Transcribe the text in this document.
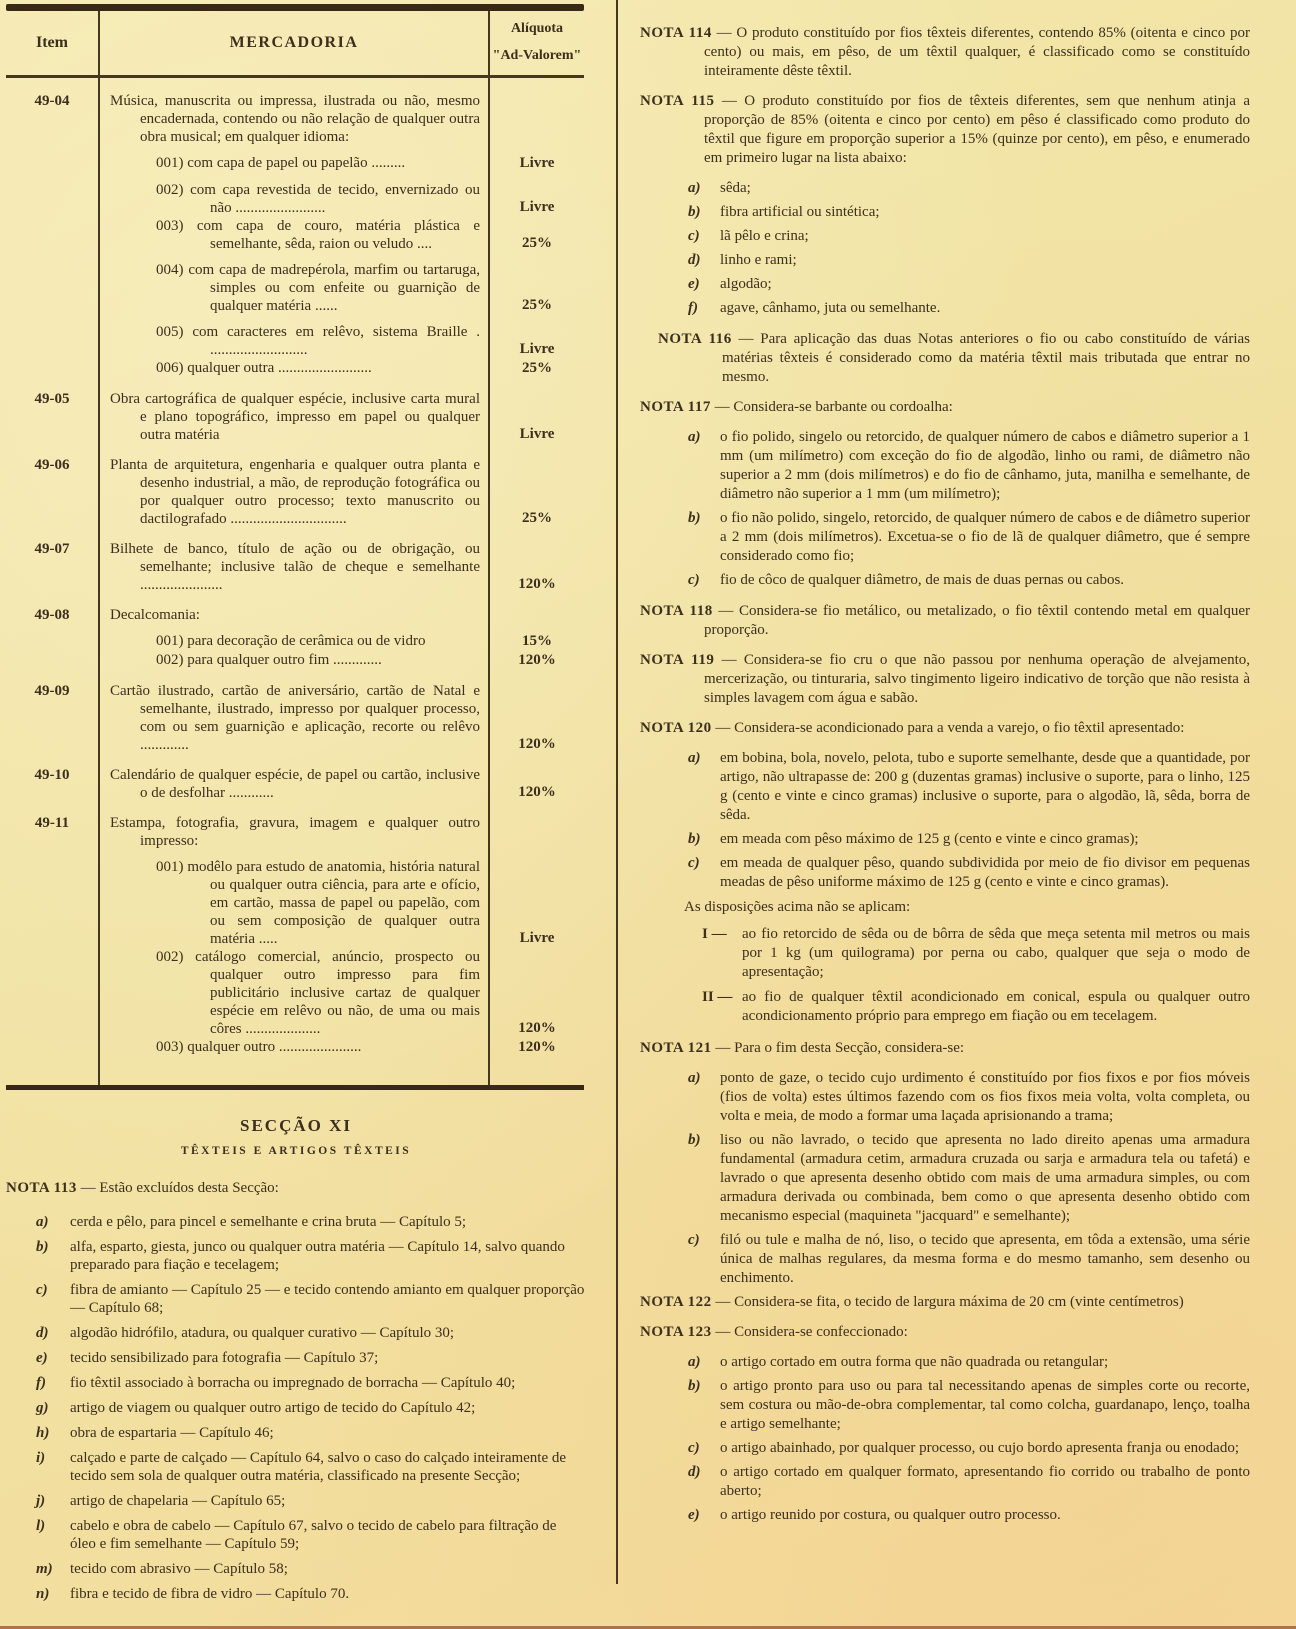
Item	MERCADORIA
Alíquota
"Ad-Valorem"
49-04	Música, manuscrita ou impressa, ilustrada ou não, mesmo encadernada, contendo ou não relação de qualquer outra obra musical; em qualquer idioma:
001) com capa de papel ou papelão .........	Livre
002) com capa revestida de tecido, envernizado ou não ........................	Livre
003) com capa de couro, matéria plástica e semelhante, sêda, raion ou veludo ....	25%
004) com capa de madrepérola, marfim ou tartaruga, simples ou com enfeite ou guarnição de qualquer matéria ......	25%
005) com caracteres em relêvo, sistema Braille . ..........................	Livre
006) qualquer outra .........................	25%
49-05	Obra cartográfica de qualquer espécie, inclusive carta mural e plano topográfico, impresso em papel ou qualquer outra matéria	Livre
49-06	Planta de arquitetura, engenharia e qualquer outra planta e desenho industrial, a mão, de reprodução fotográfica ou por qualquer outro processo; texto manuscrito ou dactilografado ...............................	25%
49-07	Bilhete de banco, título de ação ou de obrigação, ou semelhante; inclusive talão de cheque e semelhante ......................	120%
49-08	Decalcomania:
001) para decoração de cerâmica ou de vidro	15%
002) para qualquer outro fim .............	120%
49-09	Cartão ilustrado, cartão de aniversário, cartão de Natal e semelhante, ilustrado, impresso por qualquer processo, com ou sem guarnição e aplicação, recorte ou relêvo .............	120%
49-10	Calendário de qualquer espécie, de papel ou cartão, inclusive o de desfolhar ............	120%
49-11	Estampa, fotografia, gravura, imagem e qualquer outro impresso:
001) modêlo para estudo de anatomia, história natural ou qualquer outra ciência, para arte e ofício, em cartão, massa de papel ou papelão, com ou sem composição de qualquer outra matéria .....	Livre
002) catálogo comercial, anúncio, prospecto ou qualquer outro impresso para fim publicitário inclusive cartaz de qualquer espécie em relêvo ou não, de uma ou mais côres ....................	120%
003) qualquer outro ......................	120%
SECÇÃO XI
TÊXTEIS E ARTIGOS TÊXTEIS

NOTA 113 — Estão excluídos desta Secção:

a)	cerda e pêlo, para pincel e semelhante e crina bruta — Capítulo 5;
b)	alfa, esparto, giesta, junco ou qualquer outra matéria — Capítulo 14, salvo quando preparado para fiação e tecelagem;
c)	fibra de amianto — Capítulo 25 — e tecido contendo amianto em qualquer proporção — Capítulo 68;
d)	algodão hidrófilo, atadura, ou qualquer curativo — Capítulo 30;
e)	tecido sensibilizado para fotografia — Capítulo 37;
f)	fio têxtil associado à borracha ou impregnado de borracha — Capítulo 40;
g)	artigo de viagem ou qualquer outro artigo de tecido do Capítulo 42;
h)	obra de espartaria — Capítulo 46;
i)	calçado e parte de calçado — Capítulo 64, salvo o caso do calçado inteiramente de tecido sem sola de qualquer outra matéria, classificado na presente Secção;
j)	artigo de chapelaria — Capítulo 65;
l)	cabelo e obra de cabelo — Capítulo 67, salvo o tecido de cabelo para filtração de óleo e fim semelhante — Capítulo 59;
m)	tecido com abrasivo — Capítulo 58;
n)	fibra e tecido de fibra de vidro — Capítulo 70.

NOTA 114 — O produto constituído por fios têxteis diferentes, contendo 85% (oitenta e cinco por cento) ou mais, em pêso, de um têxtil qualquer, é classificado como se constituído inteiramente dêste têxtil.

NOTA 115 — O produto constituído por fios de têxteis diferentes, sem que nenhum atinja a proporção de 85% (oitenta e cinco por cento) em pêso é classificado como produto do têxtil que figure em proporção superior a 15% (quinze por cento), em pêso, e enumerado em primeiro lugar na lista abaixo:

a)	sêda;
b)	fibra artificial ou sintética;
c)	lã pêlo e crina;
d)	linho e rami;
e)	algodão;
f)	agave, cânhamo, juta ou semelhante.

NOTA 116 — Para aplicação das duas Notas anteriores o fio ou cabo constituído de várias matérias têxteis é considerado como da matéria têxtil mais tributada que entrar no mesmo.

NOTA 117 — Considera-se barbante ou cordoalha:

a)	o fio polido, singelo ou retorcido, de qualquer número de cabos e diâmetro superior a 1 mm (um milímetro) com exceção do fio de algodão, linho ou rami, de diâmetro não superior a 2 mm (dois milímetros) e do fio de cânhamo, juta, manilha e semelhante, de diâmetro não superior a 1 mm (um milímetro);
b)	o fio não polido, singelo, retorcido, de qualquer número de cabos e de diâmetro superior a 2 mm (dois milímetros). Excetua-se o fio de lã de qualquer diâmetro, que é sempre considerado como fio;
c)	fio de côco de qualquer diâmetro, de mais de duas pernas ou cabos.

NOTA 118 — Considera-se fio metálico, ou metalizado, o fio têxtil contendo metal em qualquer proporção.

NOTA 119 — Considera-se fio cru o que não passou por nenhuma operação de alvejamento, mercerização, ou tinturaria, salvo tingimento ligeiro indicativo de torção que não resista à simples lavagem com água e sabão.

NOTA 120 — Considera-se acondicionado para a venda a varejo, o fio têxtil apresentado:

a)	em bobina, bola, novelo, pelota, tubo e suporte semelhante, desde que a quantidade, por artigo, não ultrapasse de: 200 g (duzentas gramas) inclusive o suporte, para o linho, 125 g (cento e vinte e cinco gramas) inclusive o suporte, para o algodão, lã, sêda, borra de sêda.
b)	em meada com pêso máximo de 125 g (cento e vinte e cinco gramas);
c)	em meada de qualquer pêso, quando subdividida por meio de fio divisor em pequenas meadas de pêso uniforme máximo de 125 g (cento e vinte e cinco gramas).

As disposições acima não se aplicam:

I —	ao fio retorcido de sêda ou de bôrra de sêda que meça setenta mil metros ou mais por 1 kg (um quilograma) por perna ou cabo, qualquer que seja o modo de apresentação;
II — ao fio de qualquer têxtil acondicionado em conical, espula ou qualquer outro acondicionamento próprio para emprego em fiação ou em tecelagem.

NOTA 121 — Para o fim desta Secção, considera-se:

a)	ponto de gaze, o tecido cujo urdimento é constituído por fios fixos e por fios móveis (fios de volta) estes últimos fazendo com os fios fixos meia volta, volta completa, ou volta e meia, de modo a formar uma laçada aprisionando a trama;
b)	liso ou não lavrado, o tecido que apresenta no lado direito apenas uma armadura fundamental (armadura cetim, armadura cruzada ou sarja e armadura tela ou tafetá) e lavrado o que apresenta desenho obtido com mais de uma armadura simples, ou com armadura derivada ou combinada, bem como o que apresenta desenho obtido com mecanismo especial (maquineta "jacquard" e semelhante);
c)	filó ou tule e malha de nó, liso, o tecido que apresenta, em tôda a extensão, uma série única de malhas regulares, da mesma forma e do mesmo tamanho, sem desenho ou enchimento.

NOTA 122 — Considera-se fita, o tecido de largura máxima de 20 cm (vinte centímetros)

NOTA 123 — Considera-se confeccionado:

a)	o artigo cortado em outra forma que não quadrada ou retangular;
b)	o artigo pronto para uso ou para tal necessitando apenas de simples corte ou recorte, sem costura ou mão-de-obra complementar, tal como colcha, guardanapo, lenço, toalha e artigo semelhante;
c)	o artigo abainhado, por qualquer processo, ou cujo bordo apresenta franja ou enodado;
d)	o artigo cortado em qualquer formato, apresentando fio corrido ou trabalho de ponto aberto;
e)	o artigo reunido por costura, ou qualquer outro processo.
